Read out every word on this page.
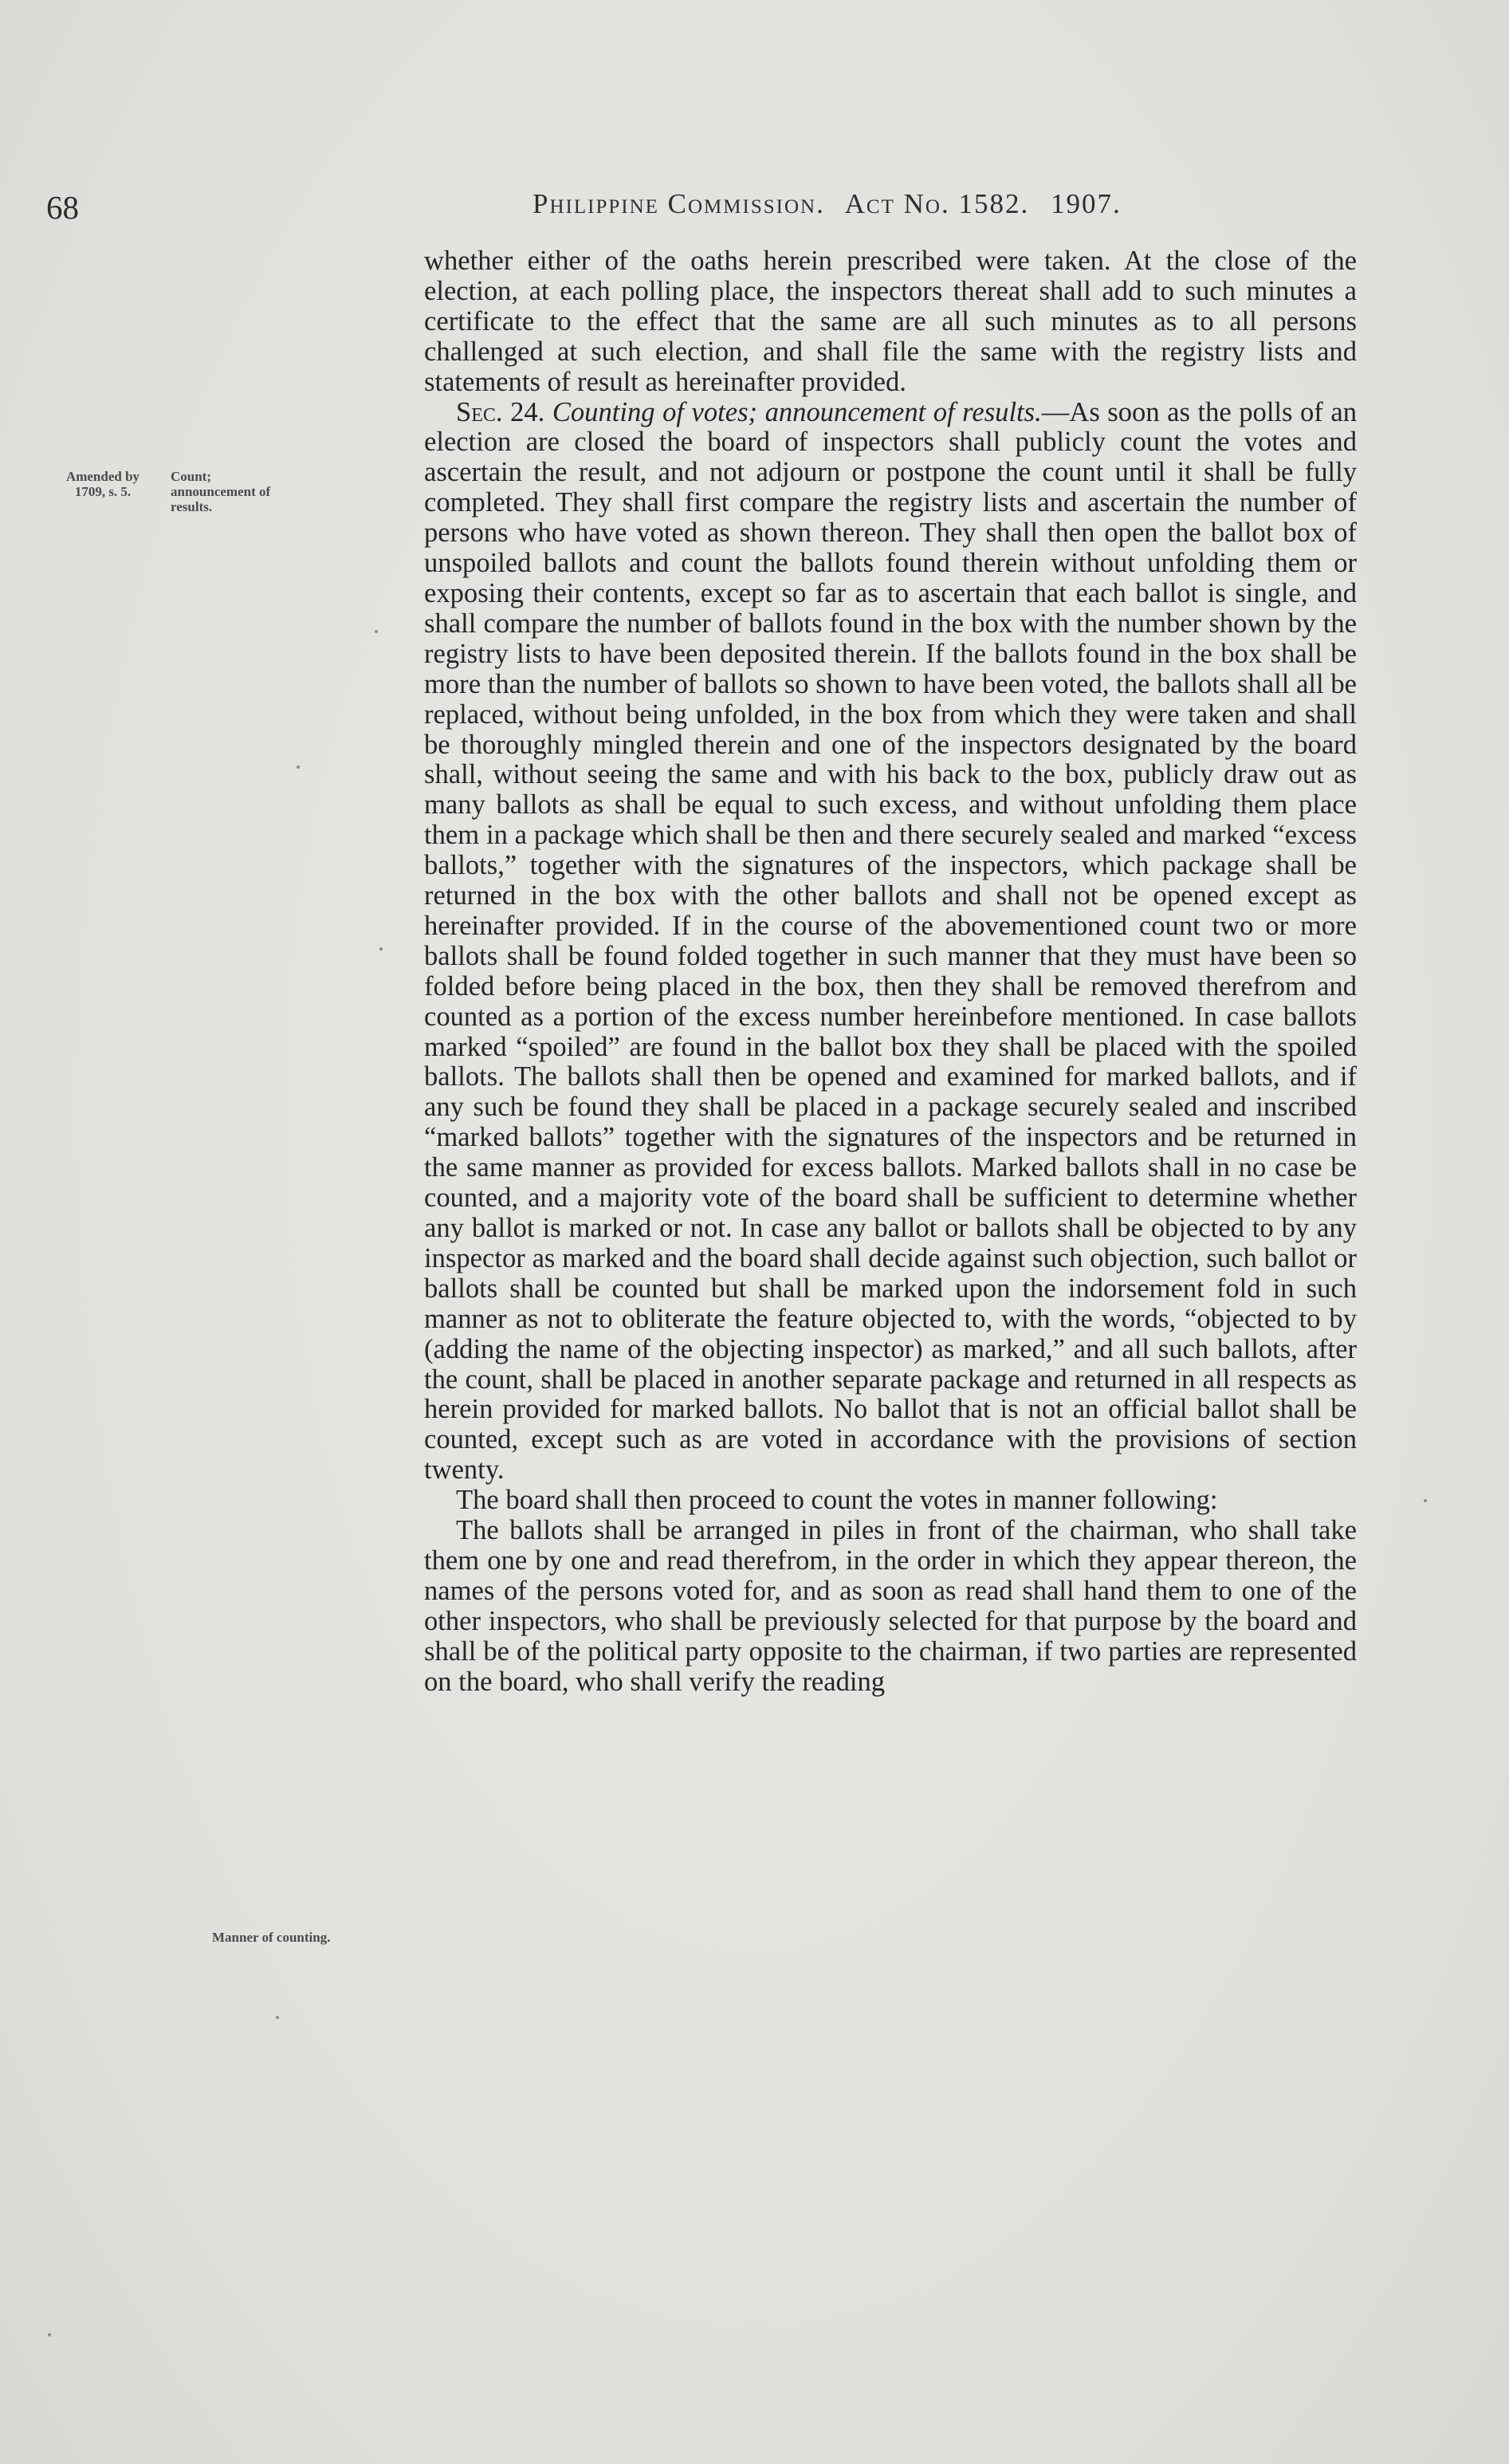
68	Philippine Commission. Act No. 1582. 1907.
Amended by 1709, s. 5.
Count; announcement of results.
Manner of counting.

whether either of the oaths herein prescribed were taken. At the close of the election, at each polling place, the inspectors thereat shall add to such minutes a certificate to the effect that the same are all such minutes as to all persons challenged at such election, and shall file the same with the registry lists and statements of result as hereinafter provided.

Sec. 24. Counting of votes; announcement of results.—As soon as the polls of an election are closed the board of inspectors shall publicly count the votes and ascertain the result, and not adjourn or postpone the count until it shall be fully completed. They shall first compare the registry lists and ascertain the number of persons who have voted as shown thereon. They shall then open the ballot box of unspoiled ballots and count the ballots found therein without unfolding them or exposing their contents, except so far as to ascertain that each ballot is single, and shall compare the number of ballots found in the box with the number shown by the registry lists to have been deposited therein. If the ballots found in the box shall be more than the number of ballots so shown to have been voted, the ballots shall all be replaced, without being unfolded, in the box from which they were taken and shall be thoroughly mingled therein and one of the inspectors designated by the board shall, without seeing the same and with his back to the box, publicly draw out as many ballots as shall be equal to such excess, and without unfolding them place them in a package which shall be then and there securely sealed and marked “excess ballots,” together with the signatures of the inspectors, which package shall be returned in the box with the other ballots and shall not be opened except as hereinafter provided. If in the course of the abovementioned count two or more ballots shall be found folded together in such manner that they must have been so folded before being placed in the box, then they shall be removed therefrom and counted as a portion of the excess number hereinbefore mentioned. In case ballots marked “spoiled” are found in the ballot box they shall be placed with the spoiled ballots. The ballots shall then be opened and examined for marked ballots, and if any such be found they shall be placed in a package securely sealed and inscribed “marked ballots” together with the signatures of the inspectors and be returned in the same manner as provided for excess ballots. Marked ballots shall in no case be counted, and a majority vote of the board shall be sufficient to determine whether any ballot is marked or not. In case any ballot or ballots shall be objected to by any inspector as marked and the board shall decide against such objection, such ballot or ballots shall be counted but shall be marked upon the indorsement fold in such manner as not to obliterate the feature objected to, with the words, “objected to by (adding the name of the objecting inspector) as marked,” and all such ballots, after the count, shall be placed in another separate package and returned in all respects as herein provided for marked ballots. No ballot that is not an official ballot shall be counted, except such as are voted in accordance with the provisions of section twenty.

The board shall then proceed to count the votes in manner following:

The ballots shall be arranged in piles in front of the chairman, who shall take them one by one and read therefrom, in the order in which they appear thereon, the names of the persons voted for, and as soon as read shall hand them to one of the other inspectors, who shall be previously selected for that purpose by the board and shall be of the political party opposite to the chairman, if two parties are represented on the board, who shall verify the reading
